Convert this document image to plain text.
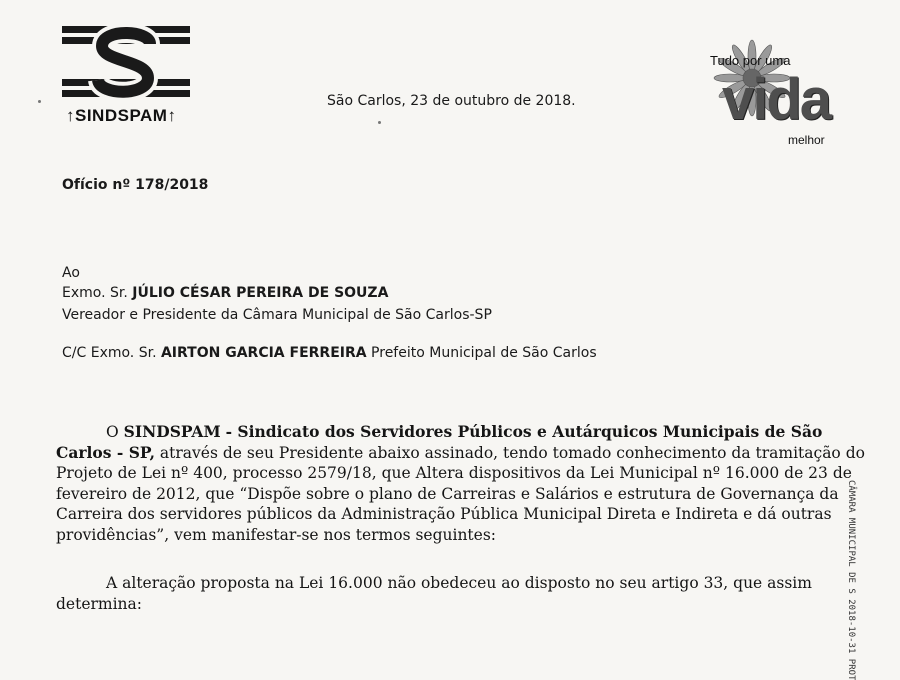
↑SINDSPAM↑
São Carlos, 23 de outubro de 2018.
Tudo por uma
vida
melhor
Ofício nº 178/2018
Ao
Exmo. Sr. JÚLIO CÉSAR PEREIRA DE SOUZA
Vereador e Presidente da Câmara Municipal de São Carlos-SP
C/C Exmo. Sr. AIRTON GARCIA FERREIRA Prefeito Municipal de São Carlos
O SINDSPAM - Sindicato dos Servidores Públicos e Autárquicos Municipais de São
Carlos - SP, através de seu Presidente abaixo assinado, tendo tomado conhecimento da tramitação do
Projeto de Lei nº 400, processo 2579/18, que Altera dispositivos da Lei Municipal nº 16.000 de 23 de
fevereiro de 2012, que “Dispõe sobre o plano de Carreiras e Salários e estrutura de Governança da
Carreira dos servidores públicos da Administração Pública Municipal Direta e Indireta e dá outras
providências”, vem manifestar-se nos termos seguintes:
A alteração proposta na Lei 16.000 não obedeceu ao disposto no seu artigo 33, que assim
determina:	CÂMARA MUNICIPAL DE S 2018-10-31 PROT
